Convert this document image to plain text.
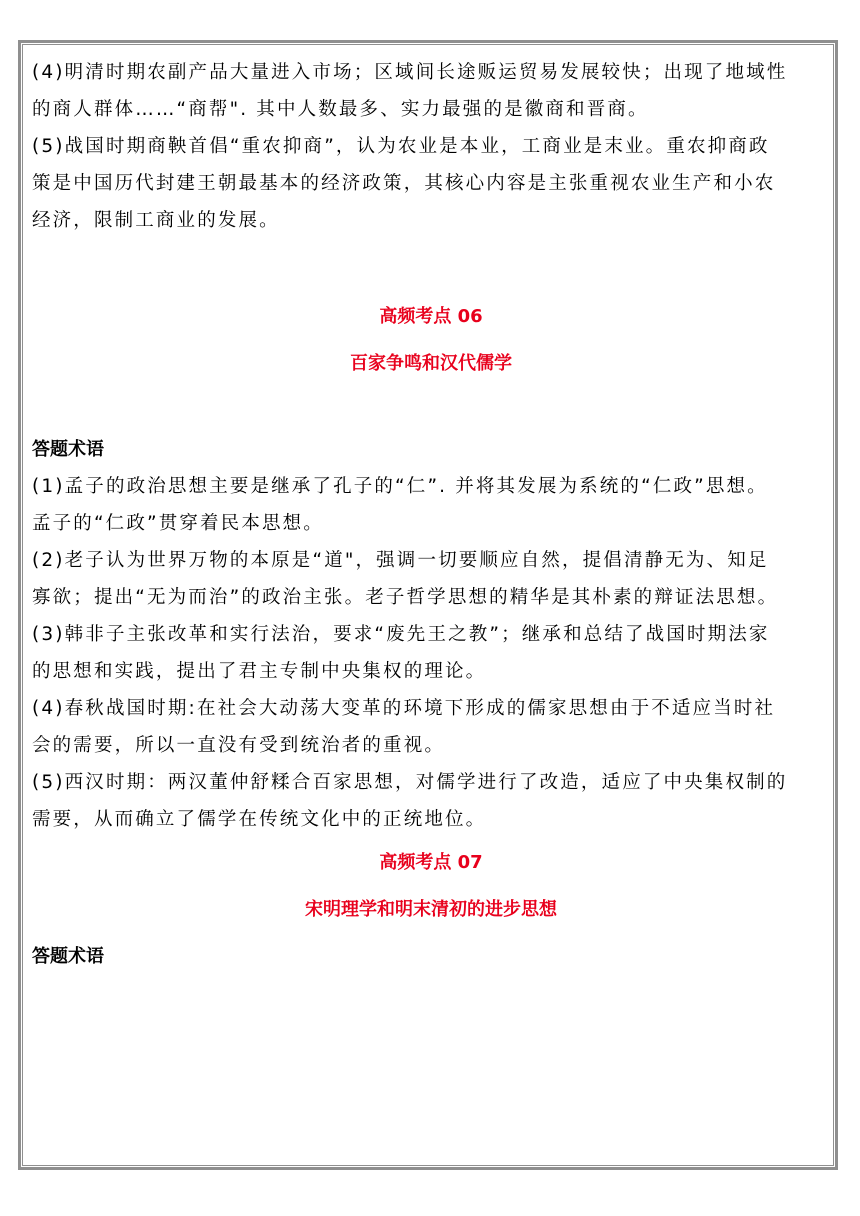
(4)明清时期农副产品大量进入市场；区域间长途贩运贸易发展较快；出现了地域性

的商人群体……“商帮". 其中人数最多、实力最强的是徽商和晋商。

(5)战国时期商鞅首倡“重农抑商”，认为农业是本业，工商业是末业。重农抑商政

策是中国历代封建王朝最基本的经济政策，其核心内容是主张重视农业生产和小农

经济，限制工商业的发展。

高频考点 06

百家争鸣和汉代儒学

答题术语

(1)孟子的政治思想主要是继承了孔子的“仁”. 并将其发展为系统的“仁政”思想。

孟子的“仁政”贯穿着民本思想。

(2)老子认为世界万物的本原是“道"，强调一切要顺应自然，提倡清静无为、知足

寡欲；提出“无为而治”的政治主张。老子哲学思想的精华是其朴素的辩证法思想。

(3)韩非子主张改革和实行法治，要求“废先王之教”；继承和总结了战国时期法家

的思想和实践，提出了君主专制中央集权的理论。

(4)春秋战国时期:在社会大动荡大变革的环境下形成的儒家思想由于不适应当时社

会的需要，所以一直没有受到统治者的重视。

(5)西汉时期：两汉董仲舒糅合百家思想，对儒学进行了改造，适应了中央集权制的

需要，从而确立了儒学在传统文化中的正统地位。

高频考点 07

宋明理学和明末清初的进步思想

答题术语
